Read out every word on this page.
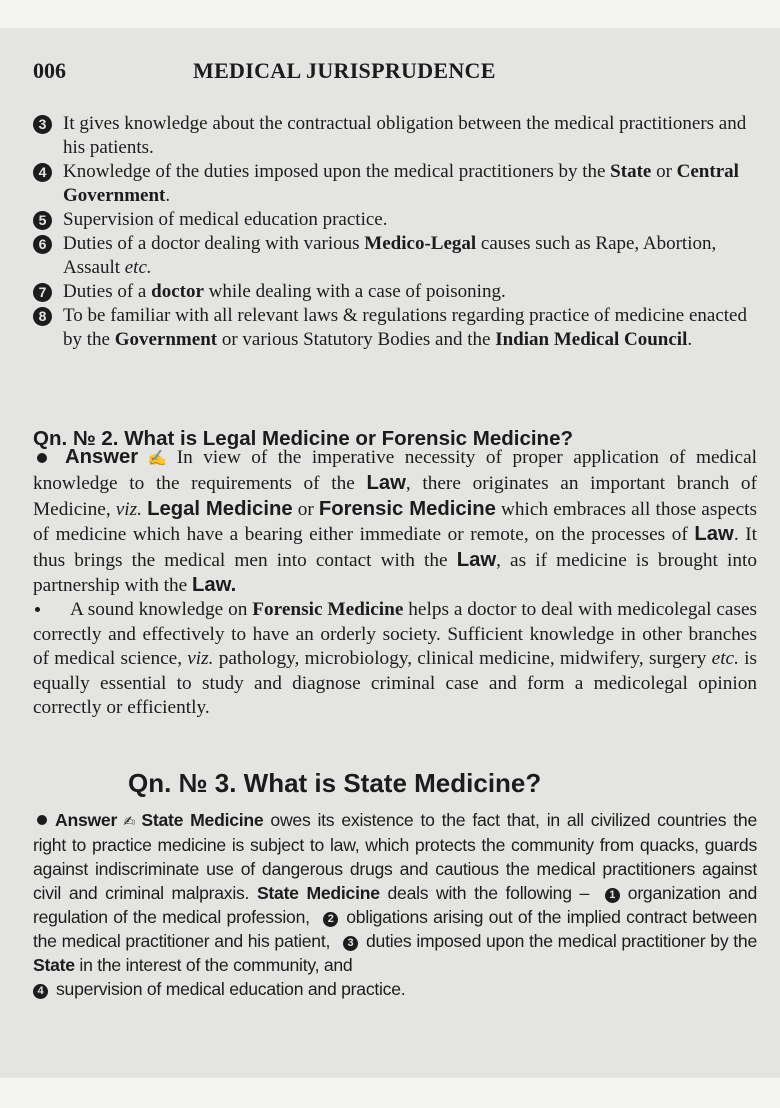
006	MEDICAL JURISPRUDENCE
3 It gives knowledge about the contractual obligation between the medical practitioners and his patients.
4 Knowledge of the duties imposed upon the medical practitioners by the State or Central Government.
5 Supervision of medical education practice.
6 Duties of a doctor dealing with various Medico-Legal causes such as Rape, Abortion, Assault etc.
7 Duties of a doctor while dealing with a case of poisoning.
8 To be familiar with all relevant laws & regulations regarding practice of medicine enacted by the Government or various Statutory Bodies and the Indian Medical Council.
Qn. № 2. What is Legal Medicine or Forensic Medicine?

Answer ✍ In view of the imperative necessity of proper application of medical knowledge to the requirements of the Law, there originates an important branch of Medicine, viz. Legal Medicine or Forensic Medicine which embraces all those aspects of medicine which have a bearing either immediate or remote, on the processes of Law. It thus brings the medical men into contact with the Law, as if medicine is brought into partnership with the Law.

A sound knowledge on Forensic Medicine helps a doctor to deal with medicolegal cases correctly and effectively to have an orderly society. Sufficient knowledge in other branches of medical science, viz. pathology, microbiology, clinical medicine, midwifery, surgery etc. is equally essential to study and diagnose criminal case and form a medicolegal opinion correctly or efficiently.

Qn. № 3. What is State Medicine?

Answer ✍ State Medicine owes its existence to the fact that, in all civilized countries the right to practice medicine is subject to law, which protects the community from quacks, guards against indiscriminate use of dangerous drugs and cautious the medical practitioners against civil and criminal malpraxis. State Medicine deals with the following – 1 organization and regulation of the medical profession, 2 obligations arising out of the implied contract between the medical practitioner and his patient, 3 duties imposed upon the medical practitioner by the State in the interest of the community, and

4 supervision of medical education and practice.
